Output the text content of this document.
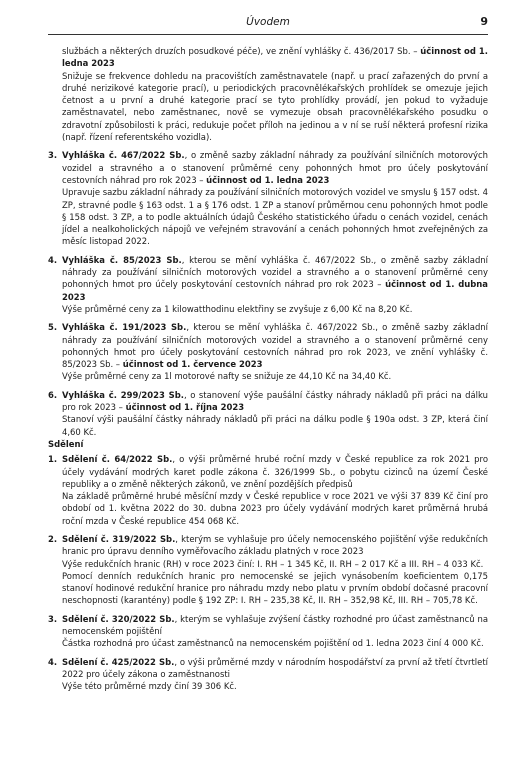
Úvodem	9

službách a některých druzích posudkové péče), ve znění vyhlášky č. 436/2017 Sb. – účinnost od 1. ledna 2023

Snižuje se frekvence dohledu na pracovištích zaměstnavatele (např. u prací zařazených do první a druhé nerizikové kategorie prací), u periodických pracovnělékařských prohlídek se omezuje jejich četnost a u první a druhé kategorie prací se tyto prohlídky provádí, jen pokud to vyžaduje zaměstnavatel, nebo zaměstnanec, nově se vymezuje obsah pracovnělékařského posudku o zdravotní způsobilosti k práci, redukuje počet příloh na jedinou a v ní se ruší některá profesní rizika (např. řízení referentského vozidla).

3. Vyhláška č. 467/2022 Sb., o změně sazby základní náhrady za používání silničních motorových vozidel a stravného a o stanovení průměrné ceny pohonných hmot pro účely poskytování cestovních náhrad pro rok 2023 – účinnost od 1. ledna 2023

Upravuje sazbu základní náhrady za používání silničních motorových vozidel ve smyslu § 157 odst. 4 ZP, stravné podle § 163 odst. 1 a § 176 odst. 1 ZP a stanoví průměrnou cenu pohonných hmot podle § 158 odst. 3 ZP, a to podle aktuálních údajů Českého statistického úřadu o cenách vozidel, cenách jídel a nealkoholických nápojů ve veřejném stravování a cenách pohonných hmot zveřejněných za měsíc listopad 2022.

4. Vyhláška č. 85/2023 Sb., kterou se mění vyhláška č. 467/2022 Sb., o změně sazby základní náhrady za používání silničních motorových vozidel a stravného a o stanovení průměrné ceny pohonných hmot pro účely poskytování cestovních náhrad pro rok 2023 – účinnost od 1. dubna 2023

Výše průměrné ceny za 1 kilowatthodinu elektřiny se zvyšuje z 6,00 Kč na 8,20 Kč.

5. Vyhláška č. 191/2023 Sb., kterou se mění vyhláška č. 467/2022 Sb., o změně sazby základní náhrady za používání silničních motorových vozidel a stravného a o stanovení průměrné ceny pohonných hmot pro účely poskytování cestovních náhrad pro rok 2023, ve znění vyhlášky č. 85/2023 Sb. – účinnost od 1. července 2023

Výše průměrné ceny za 1l motorové nafty se snižuje ze 44,10 Kč na 34,40 Kč.

6. Vyhláška č. 299/2023 Sb., o stanovení výše paušální částky náhrady nákladů při práci na dálku pro rok 2023 – účinnost od 1. října 2023

Stanoví výši paušální částky náhrady nákladů při práci na dálku podle § 190a odst. 3 ZP, která činí 4,60 Kč.

Sdělení

1. Sdělení č. 64/2022 Sb., o výši průměrné hrubé roční mzdy v České republice za rok 2021 pro účely vydávání modrých karet podle zákona č. 326/1999 Sb., o pobytu cizinců na území České republiky a o změně některých zákonů, ve znění pozdějších předpisů

Na základě průměrné hrubé měsíční mzdy v České republice v roce 2021 ve výši 37 839 Kč činí pro období od 1. května 2022 do 30. dubna 2023 pro účely vydávání modrých karet průměrná hrubá roční mzda v České republice 454 068 Kč.

2. Sdělení č. 319/2022 Sb., kterým se vyhlašuje pro účely nemocenského pojištění výše redukčních hranic pro úpravu denního vyměřovacího základu platných v roce 2023

Výše redukčních hranic (RH) v roce 2023 činí: I. RH – 1 345 Kč, II. RH – 2 017 Kč a III. RH – 4 033 Kč.

Pomocí denních redukčních hranic pro nemocenské se jejich vynásobením koeficientem 0,175 stanoví hodinové redukční hranice pro náhradu mzdy nebo platu v prvním období dočasné pracovní neschopnosti (karantény) podle § 192 ZP: I. RH – 235,38 Kč, II. RH – 352,98 Kč, III. RH – 705,78 Kč.

3. Sdělení č. 320/2022 Sb., kterým se vyhlašuje zvýšení částky rozhodné pro účast zaměstnanců na nemocenském pojištění

Částka rozhodná pro účast zaměstnanců na nemocenském pojištění od 1. ledna 2023 činí 4 000 Kč.

4. Sdělení č. 425/2022 Sb., o výši průměrné mzdy v národním hospodářství za první až třetí čtvrtletí 2022 pro účely zákona o zaměstnanosti

Výše této průměrné mzdy činí 39 306 Kč.
